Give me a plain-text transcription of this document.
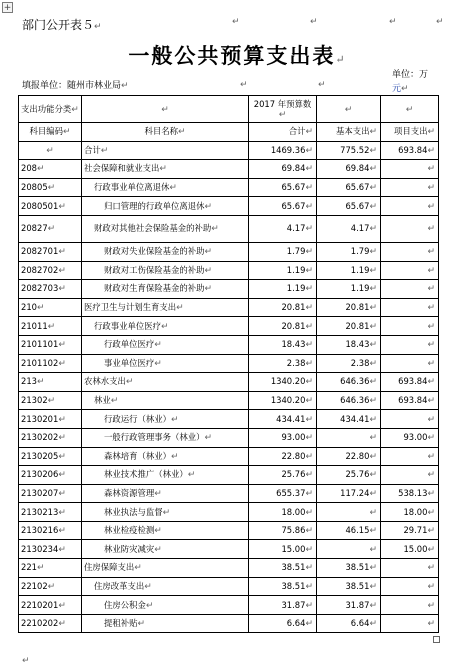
+
部门公开表５↵	↵	↵	↵	↵
一般公共预算支出表↵
填报单位：随州市林业局↵	↵	↵
单位：万
元↵
支出功能分类↵	↵	2017 年预算数↵	↵	↵
科目编码↵	科目名称↵	合计↵	基本支出↵	项目支出↵
↵	合计↵	1469.36↵	775.52↵	693.84↵
208↵	社会保障和就业支出↵	69.84↵	69.84↵	↵
20805↵	行政事业单位离退休↵	65.67↵	65.67↵	↵
2080501↵	归口管理的行政单位离退休↵	65.67↵	65.67↵	↵
20827↵	财政对其他社会保险基金的补助↵	4.17↵	4.17↵	↵
2082701↵	财政对失业保险基金的补助↵	1.79↵	1.79↵	↵
2082702↵	财政对工伤保险基金的补助↵	1.19↵	1.19↵	↵
2082703↵	财政对生育保险基金的补助↵	1.19↵	1.19↵	↵
210↵	医疗卫生与计划生育支出↵	20.81↵	20.81↵	↵
21011↵	行政事业单位医疗↵	20.81↵	20.81↵	↵
2101101↵	行政单位医疗↵	18.43↵	18.43↵	↵
2101102↵	事业单位医疗↵	2.38↵	2.38↵	↵
213↵	农林水支出↵	1340.20↵	646.36↵	693.84↵
21302↵	林业↵	1340.20↵	646.36↵	693.84↵
2130201↵	行政运行（林业）↵	434.41↵	434.41↵	↵
2130202↵	一般行政管理事务（林业）↵	93.00↵	↵	93.00↵
2130205↵	森林培育（林业）↵	22.80↵	22.80↵	↵
2130206↵	林业技术推广（林业）↵	25.76↵	25.76↵	↵
2130207↵	森林资源管理↵	655.37↵	117.24↵	538.13↵
2130213↵	林业执法与监督↵	18.00↵	↵	18.00↵
2130216↵	林业检疫检测↵	75.86↵	46.15↵	29.71↵
2130234↵	林业防灾减灾↵	15.00↵	↵	15.00↵
221↵	住房保障支出↵	38.51↵	38.51↵	↵
22102↵	住房改革支出↵	38.51↵	38.51↵	↵
2210201↵	住房公积金↵	31.87↵	31.87↵	↵
2210202↵	提租补贴↵	6.64↵	6.64↵	↵
↵
